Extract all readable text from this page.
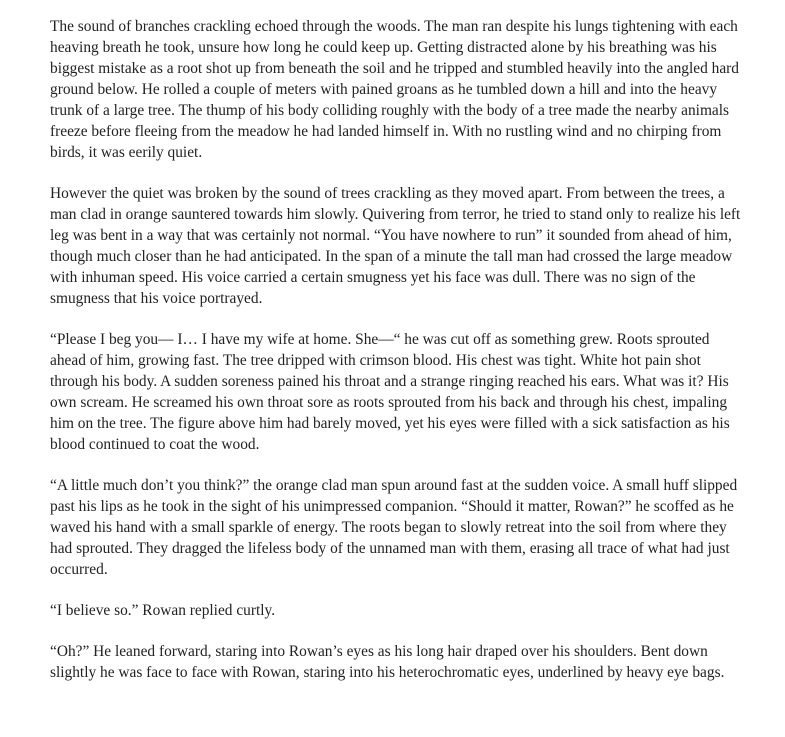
The sound of branches crackling echoed through the woods. The man ran despite his lungs tightening with each heaving breath he took, unsure how long he could keep up. Getting distracted alone by his breathing was his biggest mistake as a root shot up from beneath the soil and he tripped and stumbled heavily into the angled hard ground below. He rolled a couple of meters with pained groans as he tumbled down a hill and into the heavy trunk of a large tree. The thump of his body colliding roughly with the body of a tree made the nearby animals freeze before fleeing from the meadow he had landed himself in. With no rustling wind and no chirping from birds, it was eerily quiet.

However the quiet was broken by the sound of trees crackling as they moved apart. From between the trees, a man clad in orange sauntered towards him slowly. Quivering from terror, he tried to stand only to realize his left leg was bent in a way that was certainly not normal. “You have nowhere to run” it sounded from ahead of him, though much closer than he had anticipated. In the span of a minute the tall man had crossed the large meadow with inhuman speed. His voice carried a certain smugness yet his face was dull. There was no sign of the smugness that his voice portrayed.

“Please I beg you— I… I have my wife at home. She—“ he was cut off as something grew. Roots sprouted ahead of him, growing fast. The tree dripped with crimson blood. His chest was tight. White hot pain shot through his body. A sudden soreness pained his throat and a strange ringing reached his ears. What was it? His own scream. He screamed his own throat sore as roots sprouted from his back and through his chest, impaling him on the tree. The figure above him had barely moved, yet his eyes were filled with a sick satisfaction as his blood continued to coat the wood.

“A little much don’t you think?” the orange clad man spun around fast at the sudden voice. A small huff slipped past his lips as he took in the sight of his unimpressed companion. “Should it matter, Rowan?” he scoffed as he waved his hand with a small sparkle of energy. The roots began to slowly retreat into the soil from where they had sprouted. They dragged the lifeless body of the unnamed man with them, erasing all trace of what had just occurred.

“I believe so.” Rowan replied curtly.

“Oh?” He leaned forward, staring into Rowan’s eyes as his long hair draped over his shoulders. Bent down slightly he was face to face with Rowan, staring into his heterochromatic eyes, underlined by heavy eye bags.
